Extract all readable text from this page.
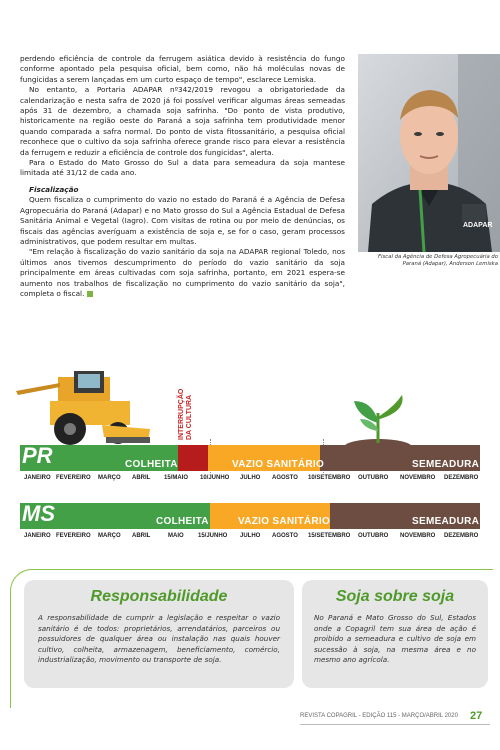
perdendo eficiência de controle da ferrugem asiática devido à resistência do fungo conforme apontado pela pesquisa oficial, bem como, não há moléculas novas de fungicidas a serem lançadas em um curto espaço de tempo", esclarece Lemiska.

No entanto, a Portaria ADAPAR nº342/2019 revogou a obrigatoriedade da calendarização e nesta safra de 2020 já foi possível verificar algumas áreas semeadas após 31 de dezembro, a chamada soja safrinha. "Do ponto de vista produtivo, historicamente na região oeste do Paraná a soja safrinha tem produtividade menor quando comparada a safra normal. Do ponto de vista fitossanitário, a pesquisa oficial reconhece que o cultivo da soja safrinha oferece grande risco para elevar a resistência da ferrugem e reduzir a eficiência de controle dos fungicidas", alerta.

Para o Estado do Mato Grosso do Sul a data para semeadura da soja mantese limitada até 31/12 de cada ano.

Fiscalização

Quem fiscaliza o cumprimento do vazio no estado do Paraná é a Agência de Defesa Agropecuária do Paraná (Adapar) e no Mato grosso do Sul a Agência Estadual de Defesa Sanitária Animal e Vegetal (Iagro). Com visitas de rotina ou por meio de denúncias, os fiscais das agências averíguam a existência de soja e, se for o caso, geram processos administrativos, que podem resultar em multas.

"Em relação à fiscalização do vazio sanitário da soja na ADAPAR regional Toledo, nos últimos anos tivemos descumprimento do período do vazio sanitário da soja principalmente em áreas cultivadas com soja safrinha, portanto, em 2021 espera-se aumento nos trabalhos de fiscalização no cumprimento do vazio sanitário da soja", completa o fiscal.

ADAPAR
Fiscal da Agência de Defesa Agropecuária do Paraná (Adapar), Anderson Lemiska
INTERRUPÇÃO DA CULTURA
PR	COLHEITA	VAZIO SANITÁRIO	SEMEADURA
JANEIRO FEVEREIRO MARÇO ABRIL 15/MAIO 10/JUNHO JULHO AGOSTO 10/SETEMBRO OUTUBRO NOVEMBRO DEZEMBRO
MS	COLHEITA	VAZIO SANITÁRIO	SEMEADURA
JANEIRO FEVEREIRO MARÇO ABRIL	MAIO 15/JUNHO JULHO AGOSTO 15/SETEMBRO OUTUBRO NOVEMBRO DEZEMBRO
Responsabilidade

A responsabilidade de cumprir a legislação e respeitar o vazio sanitário é de todos: proprietários, arrendatários, parceiros ou possuidores de qualquer área ou instalação nas quais houver cultivo, colheita, armazenagem, beneficiamento, comércio, industrialização, movimento ou transporte de soja.

Soja sobre soja

No Paraná e Mato Grosso do Sul, Estados onde a Copagril tem sua área de ação é proibido a semeadura e cultivo de soja em sucessão à soja, na mesma área e no mesmo ano agrícola.

REVISTA COPAGRIL - EDIÇÃO 115 - MARÇO/ABRIL 2020 27
